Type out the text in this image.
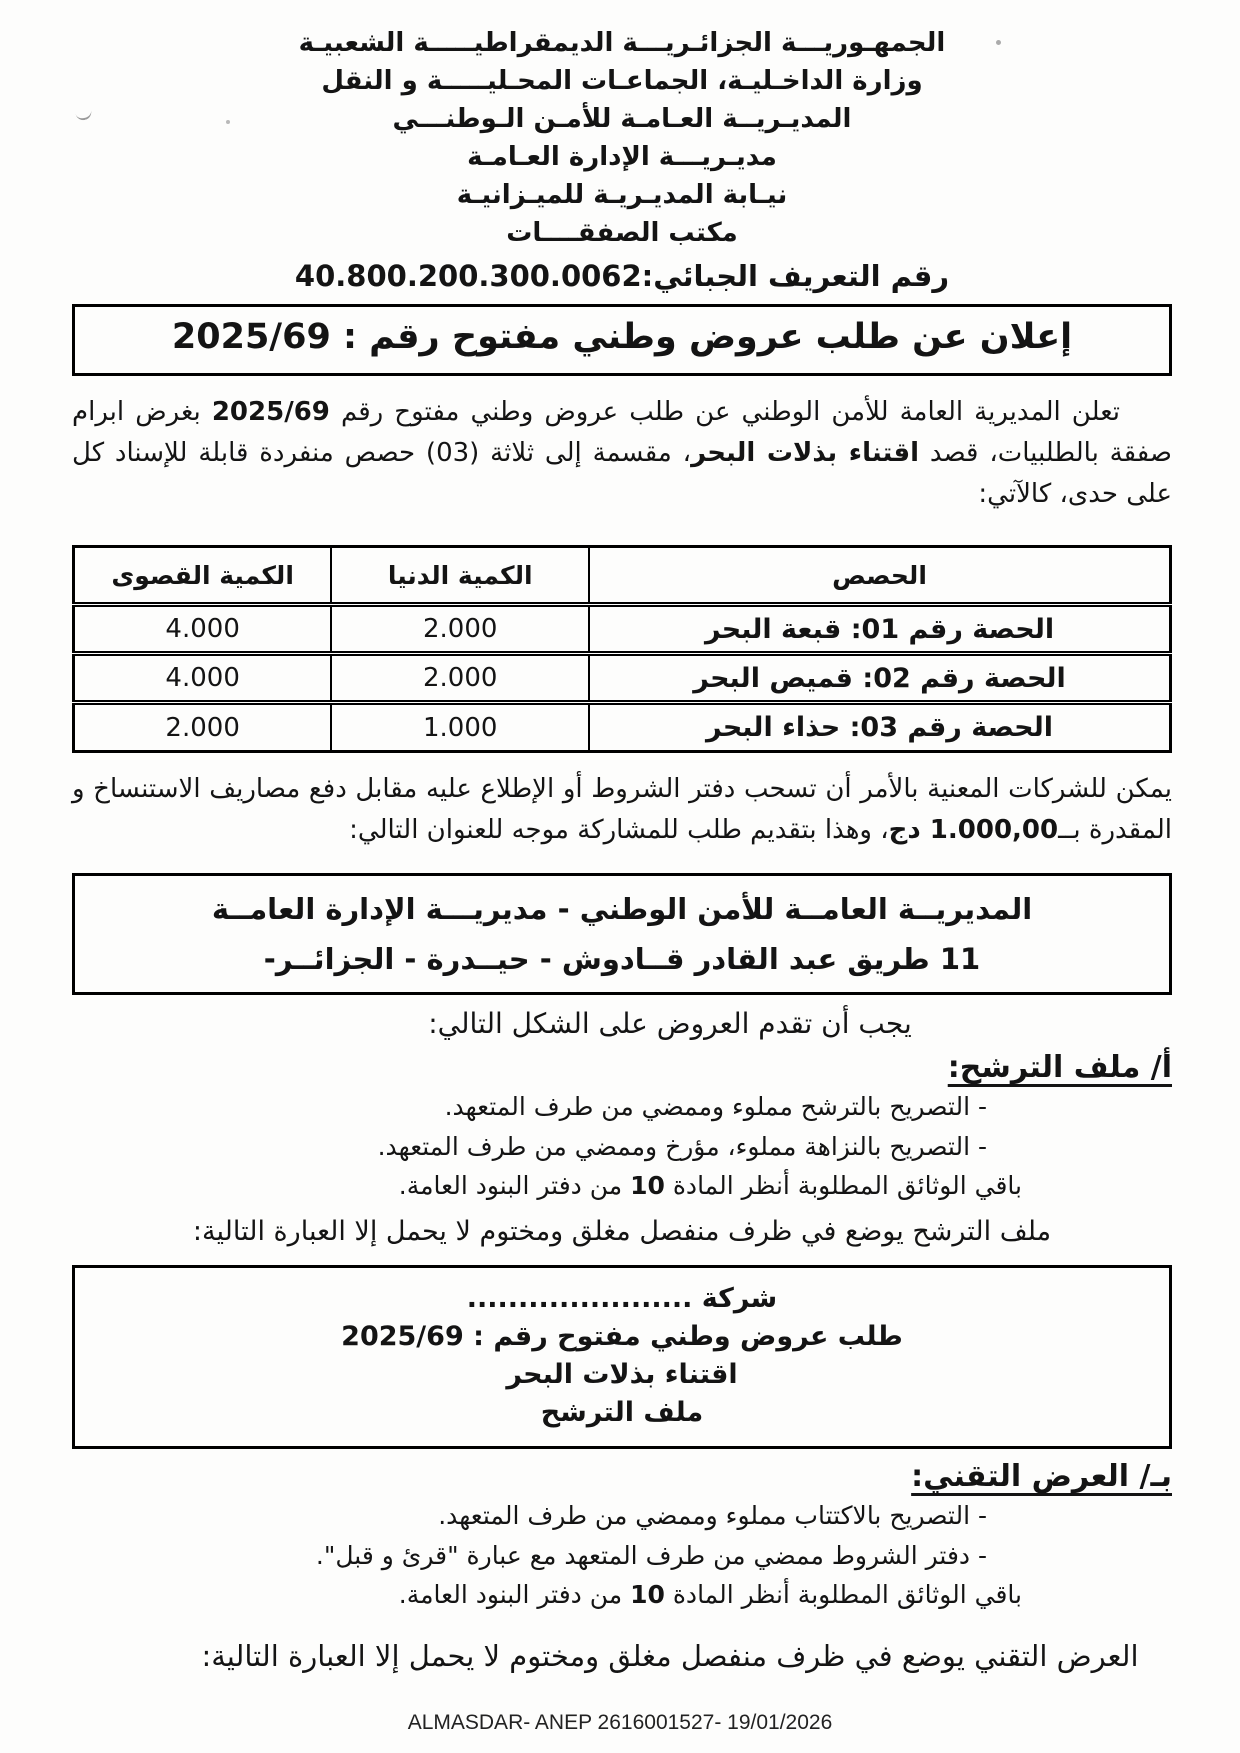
الجمهـوريـــة الجزائـريـــة الديمقراطيـــــة الشعبيـة
وزارة الداخـليـة، الجماعـات المحـليـــــة و النقل
المديـريــة العـامـة للأمـن الـوطنـــي
مديـريـــة الإدارة العـامـة
نيـابة المديـريـة للميـزانيـة
مكتب الصفقــــات
رقم التعريف الجبائي:40.800.200.300.0062
إعلان عن طلب عروض وطني مفتوح رقم : 2025/69

تعلن المديرية العامة للأمن الوطني عن طلب عروض وطني مفتوح رقم 2025/69 بغرض ابرام صفقة بالطلبيات، قصد اقتناء بذلات البحر، مقسمة إلى ثلاثة (03) حصص منفردة قابلة للإسناد كل على حدى، كالآتي:

الحصص	الكمية الدنيا	الكمية القصوى
الحصة رقم 01: قبعة البحر	2.000	4.000
الحصة رقم 02: قميص البحر	2.000	4.000
الحصة رقم 03: حذاء البحر	1.000	2.000

يمكن للشركات المعنية بالأمر أن تسحب دفتر الشروط أو الإطلاع عليه مقابل دفع مصاريف الاستنساخ و المقدرة بــ1.000,00 دج، وهذا بتقديم طلب للمشاركة موجه للعنوان التالي:

المديريــة العامــة للأمن الوطني - مديريـــة الإدارة العامــة
11 طريق عبد القادر قــادوش - حيــدرة - الجزائــر-

يجب أن تقدم العروض على الشكل التالي:

أ/ ملف الترشح:
- التصريح بالترشح مملوء وممضي من طرف المتعهد.
- التصريح بالنزاهة مملوء، مؤرخ وممضي من طرف المتعهد.
باقي الوثائق المطلوبة أنظر المادة 10 من دفتر البنود العامة.

ملف الترشح يوضع في ظرف منفصل مغلق ومختوم لا يحمل إلا العبارة التالية:

شركة ......................
طلب عروض وطني مفتوح رقم : 2025/69
اقتناء بذلات البحر
ملف الترشح
بـ/ العرض التقني:
- التصريح بالاكتتاب مملوء وممضي من طرف المتعهد.
- دفتر الشروط ممضي من طرف المتعهد مع عبارة "قرئ و قبل".
باقي الوثائق المطلوبة أنظر المادة 10 من دفتر البنود العامة.

العرض التقني يوضع في ظرف منفصل مغلق ومختوم لا يحمل إلا العبارة التالية:

ALMASDAR- ANEP 2616001527- 19/01/2026
